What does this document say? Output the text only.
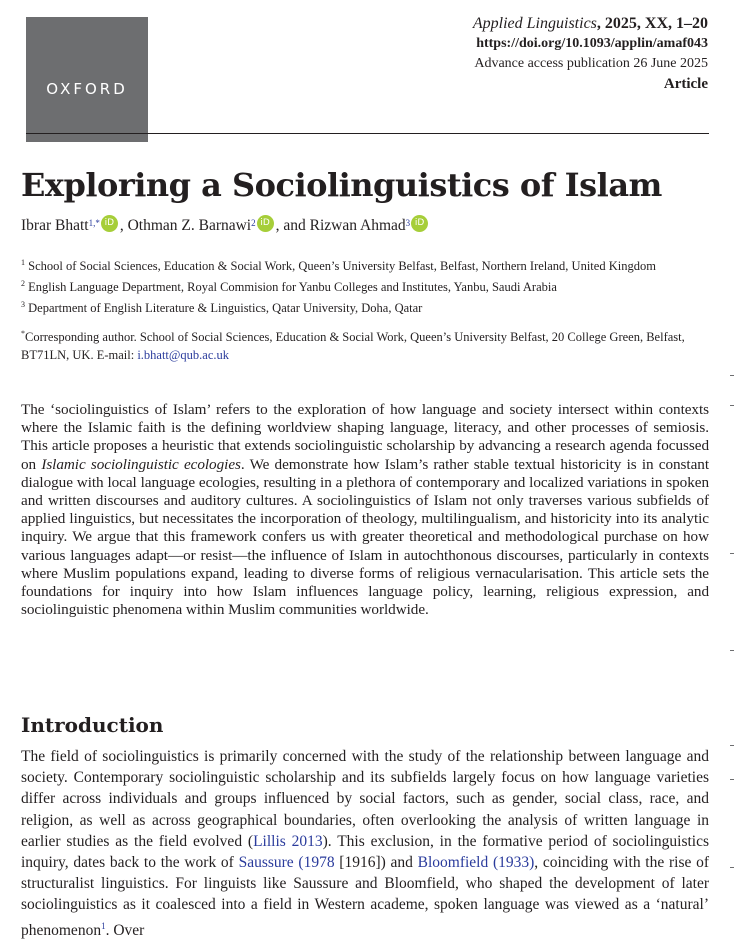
OXFORD
Applied Linguistics, 2025, XX, 1–20
https://doi.org/10.1093/applin/amaf043
Advance access publication 26 June 2025
Article
Exploring a Sociolinguistics of Islam
Ibrar Bhatt$^{1,*}$ iD , Othman Z. Barnawi$^2$ iD , and Rizwan Ahmad$^3$ iD

$^1$ School of Social Sciences, Education & Social Work, Queen’s University Belfast, Belfast, Northern Ireland, United Kingdom

$^2$ English Language Department, Royal Commision for Yanbu Colleges and Institutes, Yanbu, Saudi Arabia

$^3$ Department of English Literature & Linguistics, Qatar University, Doha, Qatar

*Corresponding author. School of Social Sciences, Education & Social Work, Queen’s University Belfast, 20 College Green, Belfast, BT71LN, UK. E-mail: i.bhatt@qub.ac.uk

The ‘sociolinguistics of Islam’ refers to the exploration of how language and society intersect within contexts where the Islamic faith is the defining worldview shaping language, literacy, and other processes of semiosis. This article proposes a heuristic that extends sociolinguistic scholarship by advancing a research agenda focussed on Islamic sociolinguistic ecologies. We demonstrate how Islam’s rather stable textual historicity is in constant dialogue with local language ecologies, resulting in a plethora of contemporary and localized variations in spoken and written discourses and auditory cultures. A sociolinguistics of Islam not only traverses various subfields of applied linguistics, but necessitates the incorporation of theology, multilingualism, and historicity into its analytic inquiry. We argue that this framework confers us with greater theoretical and methodological purchase on how various languages adapt—or resist—the influence of Islam in autochthonous discourses, particularly in contexts where Muslim populations expand, leading to diverse forms of religious vernacularisation. This article sets the foundations for inquiry into how Islam influences language policy, learning, religious expression, and sociolinguistic phenomena within Muslim communities worldwide.

Introduction

The field of sociolinguistics is primarily concerned with the study of the relationship between language and society. Contemporary sociolinguistic scholarship and its subfields largely focus on how language varieties differ across individuals and groups influenced by social factors, such as gender, social class, race, and religion, as well as across geographical boundaries, often overlooking the analysis of written language in earlier studies as the field evolved (Lillis 2013). This exclusion, in the formative period of sociolinguistics inquiry, dates back to the work of Saussure (1978 [1916]) and Bloomfield (1933), coinciding with the rise of structuralist linguistics. For linguists like Saussure and Bloomfield, who shaped the development of later sociolinguistics as it coalesced into a field in Western academe, spoken language was viewed as a ‘natural’ phenomenon$^1$. Over
